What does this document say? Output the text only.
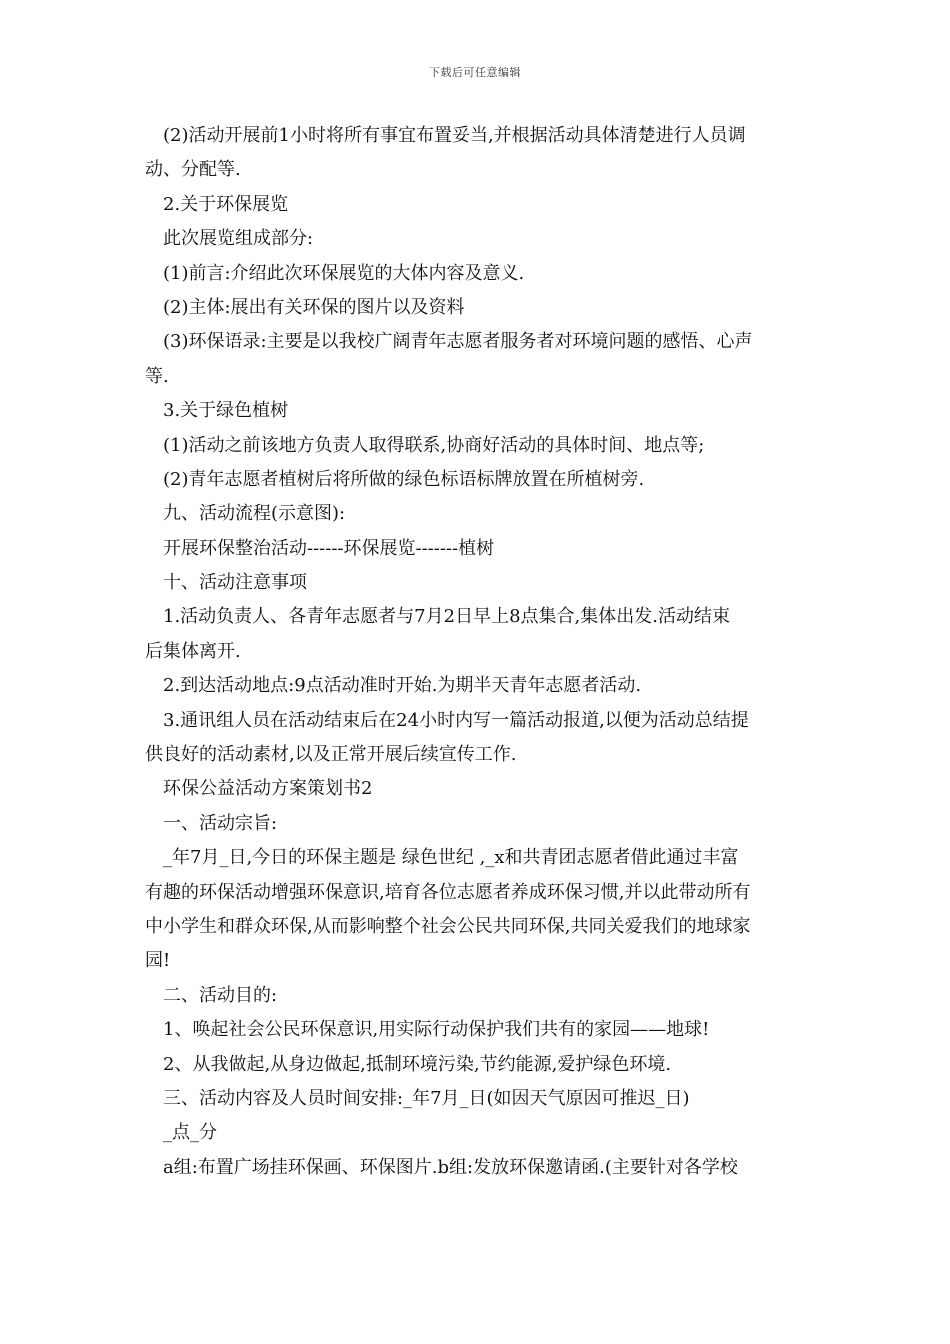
下载后可任意编辑
(2)活动开展前1小时将所有事宜布置妥当,并根据活动具体清楚进行人员调
动、分配等.
2.关于环保展览
此次展览组成部分:
(1)前言:介绍此次环保展览的大体内容及意义.
(2)主体:展出有关环保的图片以及资料
(3)环保语录:主要是以我校广阔青年志愿者服务者对环境问题的感悟、心声
等.
3.关于绿色植树
(1)活动之前该地方负责人取得联系,协商好活动的具体时间、地点等;
(2)青年志愿者植树后将所做的绿色标语标牌放置在所植树旁.
九、活动流程(示意图):
开展环保整治活动------环保展览-------植树
十、活动注意事项
1.活动负责人、各青年志愿者与7月2日早上8点集合,集体出发.活动结束
后集体离开.
2.到达活动地点:9点活动准时开始.为期半天青年志愿者活动.
3.通讯组人员在活动结束后在24小时内写一篇活动报道,以便为活动总结提
供良好的活动素材,以及正常开展后续宣传工作.
环保公益活动方案策划书2
一、活动宗旨:
_年7月_日,今日的环保主题是 绿色世纪 ,_x和共青团志愿者借此通过丰富
有趣的环保活动增强环保意识,培育各位志愿者养成环保习惯,并以此带动所有
中小学生和群众环保,从而影响整个社会公民共同环保,共同关爱我们的地球家
园!
二、活动目的:
1、唤起社会公民环保意识,用实际行动保护我们共有的家园——地球!
2、从我做起,从身边做起,抵制环境污染,节约能源,爱护绿色环境.
三、活动内容及人员时间安排:_年7月_日(如因天气原因可推迟_日)
_点_分
a组:布置广场挂环保画、环保图片.b组:发放环保邀请函.(主要针对各学校
